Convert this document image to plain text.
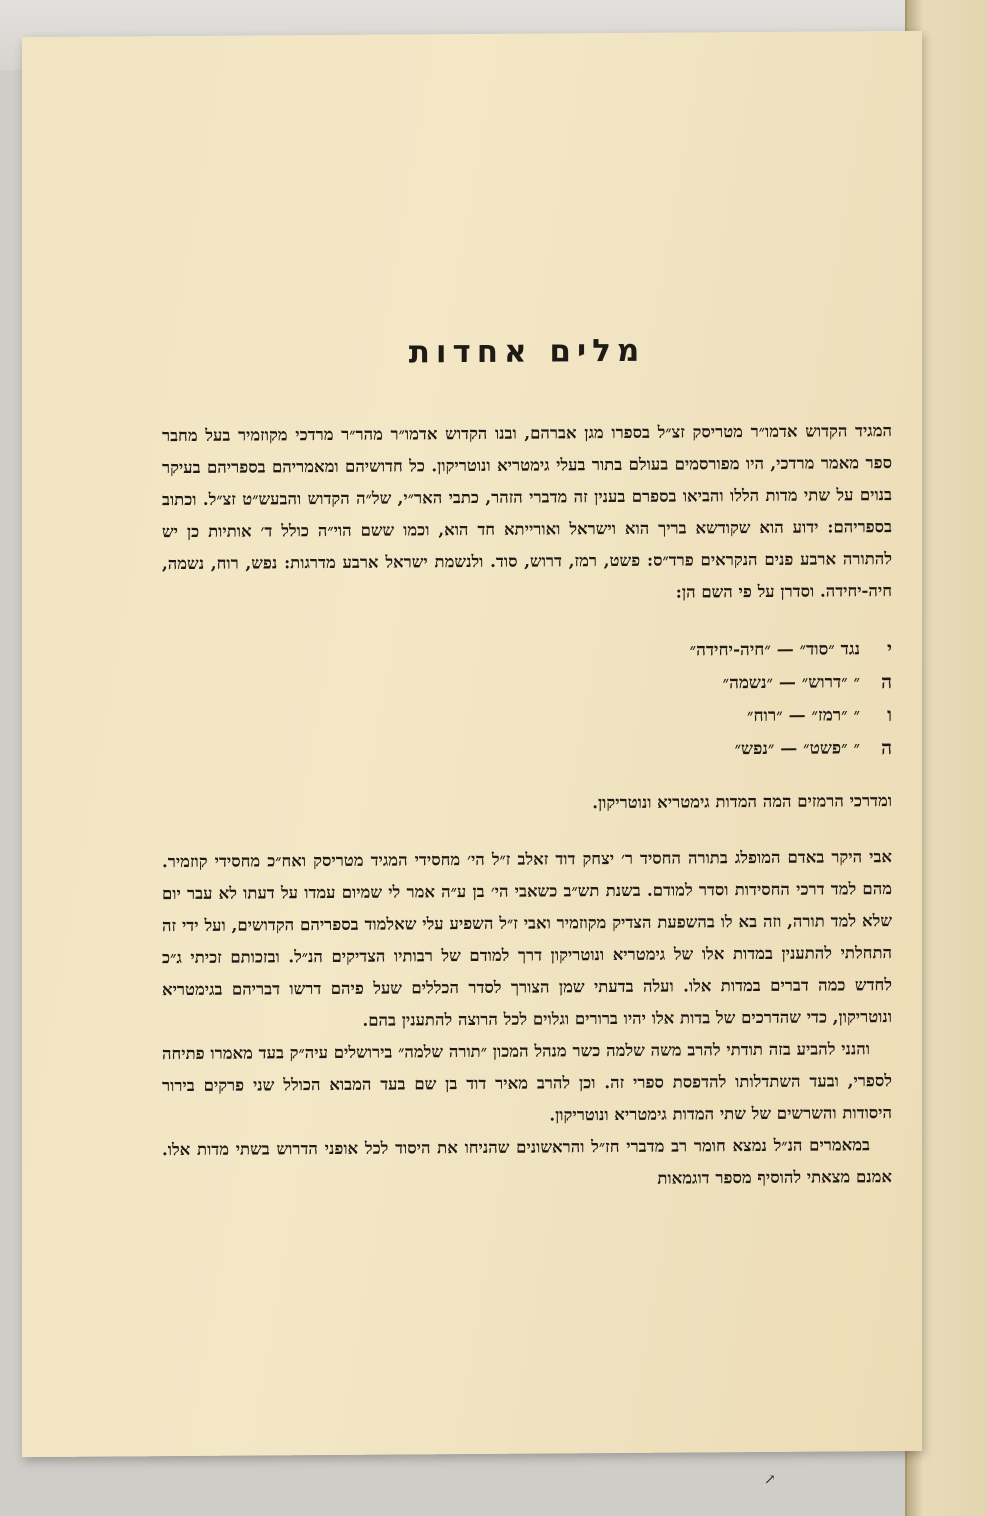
מלים אחדות

המגיד הקדוש אדמו״ר מטריסק זצ״ל בספרו מגן אברהם, ובנו הקדוש אדמו״ר מהר״ר מרדכי מקוזמיר בעל מחבר ספר מאמר מרדכי, היו מפורסמים בעולם בתור בעלי גימטריא ונוטריקון. כל חדושיהם ומאמריהם בספריהם בעיקר בנוים על שתי מדות הללו והביאו בספרם בענין זה מדברי הזהר, כתבי האר״י, של״ה הקדוש והבעש״ט זצ״ל. וכתוב בספריהם: ידוע הוא שקודשא בריך הוא וישראל ואורייתא חד הוא, וכמו ששם הוי״ה כולל ד׳ אותיות כן יש להתורה ארבע פנים הנקראים פרד״ס: פשט, רמז, דרוש, סוד. ולנשמת ישראל ארבע מדרגות: נפש, רוח, נשמה, חיה-יחידה. וסדרן על פי השם הן:

י
נגד ״סוד״ — ״חיה-יחידה״
ה
״ ״דרוש״ — ״נשמה״
ו
״ ״רמז״ — ״רוח״
ה
״ ״פשט״ — ״נפש״

ומדרכי הרמזים המה המדות גימטריא ונוטריקון.

אבי היקר באדם המופלג בתורה החסיד ר׳ יצחק דוד זאלב ז״ל הי׳ מחסידי המגיד מטריסק ואח״כ מחסידי קוזמיר. מהם למד דרכי החסידות וסדר למודם. בשנת תש״ב כשאבי הי׳ בן ע״ה אמר לי שמיום עמדו על דעתו לא עבר יום שלא למד תורה, וזה בא לו בהשפעת הצדיק מקוזמיר ואבי ז״ל השפיע עלי שאלמוד בספריהם הקדושים, ועל ידי זה התחלתי להתענין במדות אלו של גימטריא ונוטריקון דרך למודם של רבותיו הצדיקים הנ״ל. ובזכותם זכיתי ג״כ לחדש כמה דברים במדות אלו. ועלה בדעתי שמן הצורך לסדר הכללים שעל פיהם דרשו דבריהם בגימטריא ונוטריקון, כדי שהדרכים של בדות אלו יהיו ברורים וגלוים לכל הרוצה להתענין בהם.

והנני להביע בזה תודתי להרב משה שלמה כשר מנהל המכון ״תורה שלמה״ בירושלים עיה״ק בעד מאמרו פתיחה לספרי, ובעד השתדלותו להדפסת ספרי זה. וכן להרב מאיר דוד בן שם בעד המבוא הכולל שני פרקים בירור היסודות והשרשים של שתי המדות גימטריא ונוטריקון.

במאמרים הנ״ל נמצא חומר רב מדברי חז״ל והראשונים שהניחו את היסוד לכל אופני הדרוש בשתי מדות אלו. אמנם מצאתי להוסיף מספר דוגמאות

↗
